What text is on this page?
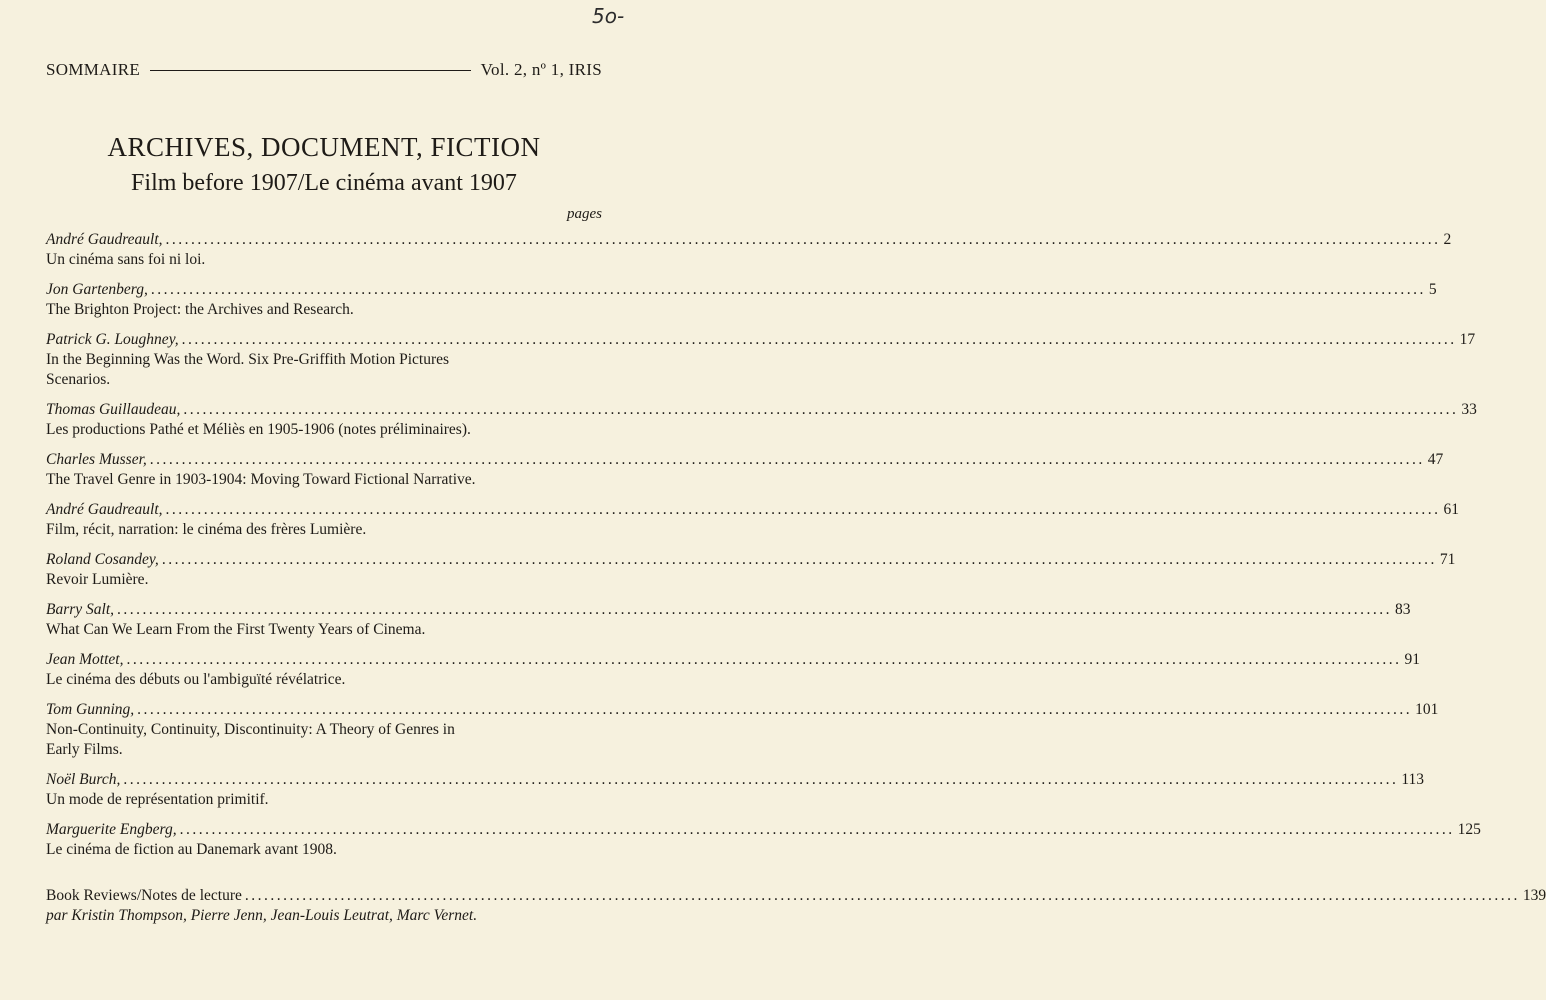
5o-
SOMMAIRE	Vol. 2, nº 1, IRIS
ARCHIVES, DOCUMENT, FICTION
Film before 1907/Le cinéma avant 1907
pages
André Gaudreault, ........................................................................................................................................................................................................ 2
Un cinéma sans foi ni loi.
Jon Gartenberg, ........................................................................................................................................................................................................ 5
The Brighton Project: the Archives and Research.
Patrick G. Loughney, ........................................................................................................................................................................................................ 17
In the Beginning Was the Word. Six Pre-Griffith Motion Pictures
Scenarios.
Thomas Guillaudeau, ........................................................................................................................................................................................................ 33
Les productions Pathé et Méliès en 1905-1906 (notes préliminaires).
Charles Musser, ........................................................................................................................................................................................................ 47
The Travel Genre in 1903-1904: Moving Toward Fictional Narrative.
André Gaudreault, ........................................................................................................................................................................................................ 61
Film, récit, narration: le cinéma des frères Lumière.
Roland Cosandey, ........................................................................................................................................................................................................ 71
Revoir Lumière.
Barry Salt, ........................................................................................................................................................................................................ 83
What Can We Learn From the First Twenty Years of Cinema.
Jean Mottet, ........................................................................................................................................................................................................ 91
Le cinéma des débuts ou l'ambiguïté révélatrice.
Tom Gunning, ........................................................................................................................................................................................................ 101
Non-Continuity, Continuity, Discontinuity: A Theory of Genres in
Early Films.
Noël Burch, ........................................................................................................................................................................................................ 113
Un mode de représentation primitif.
Marguerite Engberg, ........................................................................................................................................................................................................ 125
Le cinéma de fiction au Danemark avant 1908.
Book Reviews/Notes de lecture ........................................................................................................................................................................................................ 139
par Kristin Thompson, Pierre Jenn, Jean-Louis Leutrat, Marc Vernet.
